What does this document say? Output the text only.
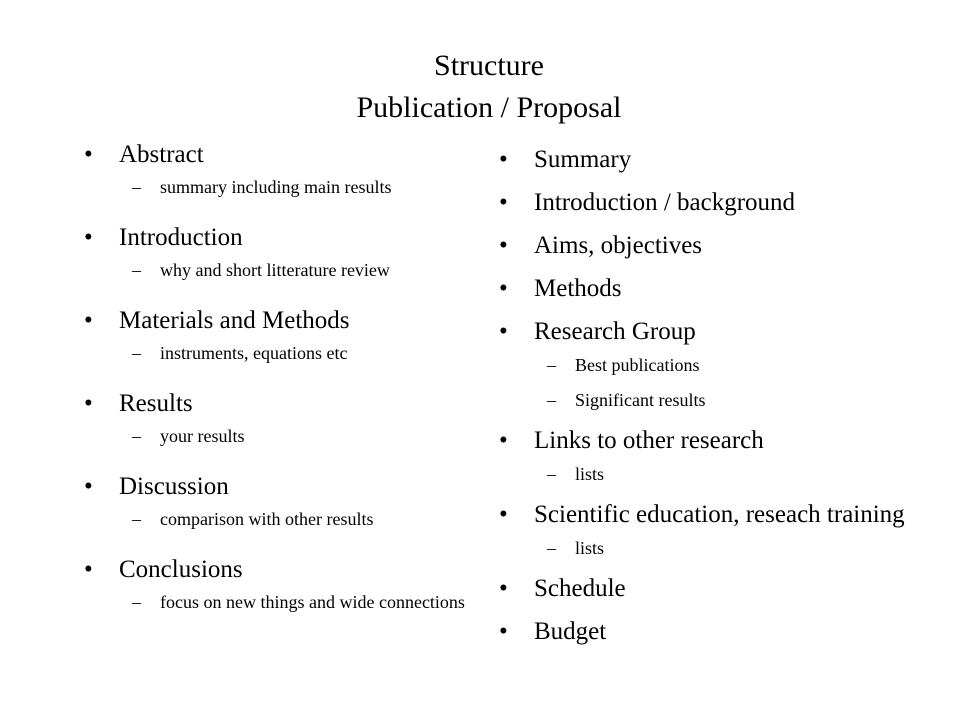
Structure
Publication / Proposal
• Abstract
– summary including main results
• Introduction
– why and short litterature review
• Materials and Methods
– instruments, equations etc
• Results
– your results
• Discussion
– comparison with other results
• Conclusions
– focus on new things and wide connections
• Summary
• Introduction / background
• Aims, objectives
• Methods
• Research Group
– Best publications
– Significant results
• Links to other research
– lists
• Scientific education, reseach training
– lists
• Schedule
• Budget
